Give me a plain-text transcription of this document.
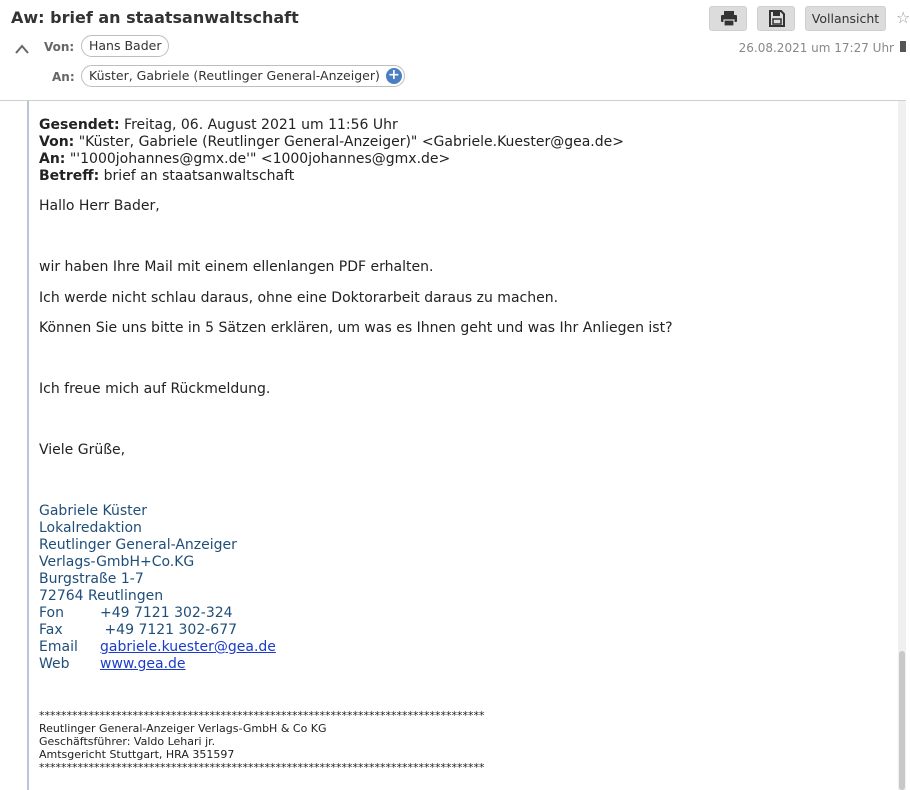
Aw: brief an staatsanwaltschaft
Von:	Hans Bader
An:	Küster, Gabriele (Reutlinger General-Anzeiger) +
26.08.2021 um 17:27 Uhr
Vollansicht	☆
Gesendet: Freitag, 06. August 2021 um 11:56 Uhr
Von: "Küster, Gabriele (Reutlinger General-Anzeiger)" <Gabriele.Kuester@gea.de>
An: "'1000johannes@gmx.de'" <1000johannes@gmx.de>
Betreff: brief an staatsanwaltschaft
Hallo Herr Bader,
wir haben Ihre Mail mit einem ellenlangen PDF erhalten.
Ich werde nicht schlau daraus, ohne eine Doktorarbeit daraus zu machen.
Können Sie uns bitte in 5 Sätzen erklären, um was es Ihnen geht und was Ihr Anliegen ist?
Ich freue mich auf Rückmeldung.
Viele Grüße,
Gabriele Küster
Lokalredaktion
Reutlinger General-Anzeiger
Verlags-GmbH+Co.KG
Burgstraße 1-7
72764 Reutlingen
Fon	+49 7121 302-324
Fax	+49 7121 302-677
Email gabriele.kuester@gea.de
Web www.gea.de
*********************************************************************************
Reutlinger General-Anzeiger Verlags-GmbH & Co KG
Geschäftsführer: Valdo Lehari jr.
Amtsgericht Stuttgart, HRA 351597
*********************************************************************************
